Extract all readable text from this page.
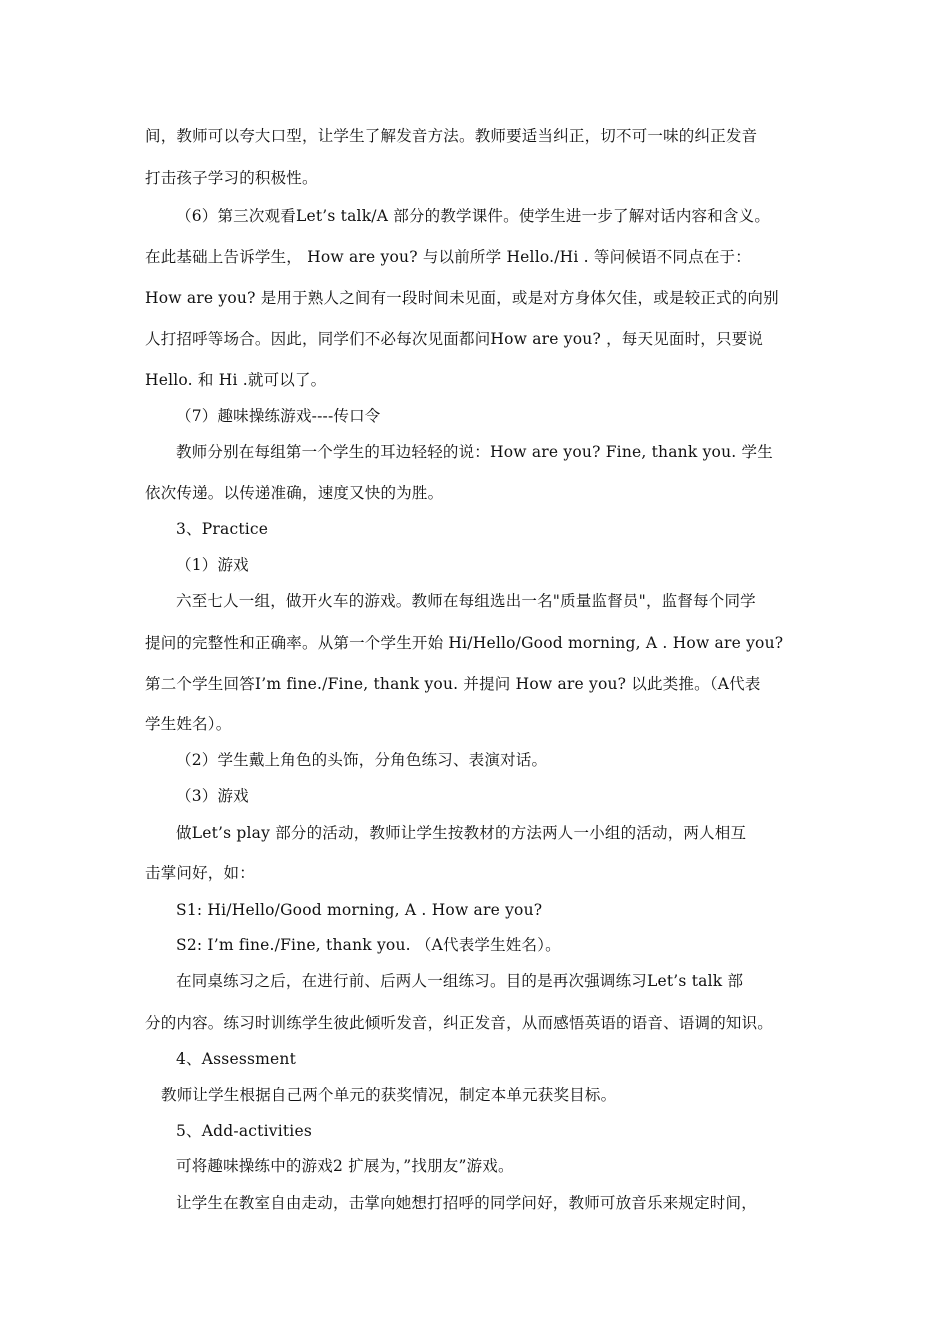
间，教师可以夸大口型，让学生了解发音方法。教师要适当纠正，切不可一味的纠正发音
打击孩子学习的积极性。
（6）第三次观看Let’s talk/A 部分的教学课件。使学生进一步了解对话内容和含义。
在此基础上告诉学生， How are you? 与以前所学 Hello./Hi . 等问候语不同点在于：
How are you? 是用于熟人之间有一段时间未见面，或是对方身体欠佳，或是较正式的向别
人打招呼等场合。因此，同学们不必每次见面都问How are you? ，每天见面时，只要说
Hello. 和 Hi .就可以了。
（7）趣味操练游戏----传口令
教师分别在每组第一个学生的耳边轻轻的说：How are you? Fine, thank you. 学生
依次传递。以传递准确，速度又快的为胜。
3、Practice
（1）游戏
六至七人一组，做开火车的游戏。教师在每组选出一名"质量监督员"，监督每个同学
提问的完整性和正确率。从第一个学生开始 Hi/Hello/Good morning, A . How are you?
第二个学生回答I’m fine./Fine, thank you. 并提问 How are you? 以此类推。（A代表
学生姓名）。
（2）学生戴上角色的头饰，分角色练习、表演对话。
（3）游戏
做Let’s play 部分的活动，教师让学生按教材的方法两人一小组的活动，两人相互
击掌问好，如：
S1: Hi/Hello/Good morning, A . How are you?
S2: I’m fine./Fine, thank you. （A代表学生姓名）。
在同桌练习之后，在进行前、后两人一组练习。目的是再次强调练习Let’s talk 部
分的内容。练习时训练学生彼此倾听发音，纠正发音，从而感悟英语的语音、语调的知识。
4、Assessment
教师让学生根据自己两个单元的获奖情况，制定本单元获奖目标。
5、Add-activities
可将趣味操练中的游戏2 扩展为，”找朋友”游戏。
让学生在教室自由走动，击掌向她想打招呼的同学问好，教师可放音乐来规定时间，
